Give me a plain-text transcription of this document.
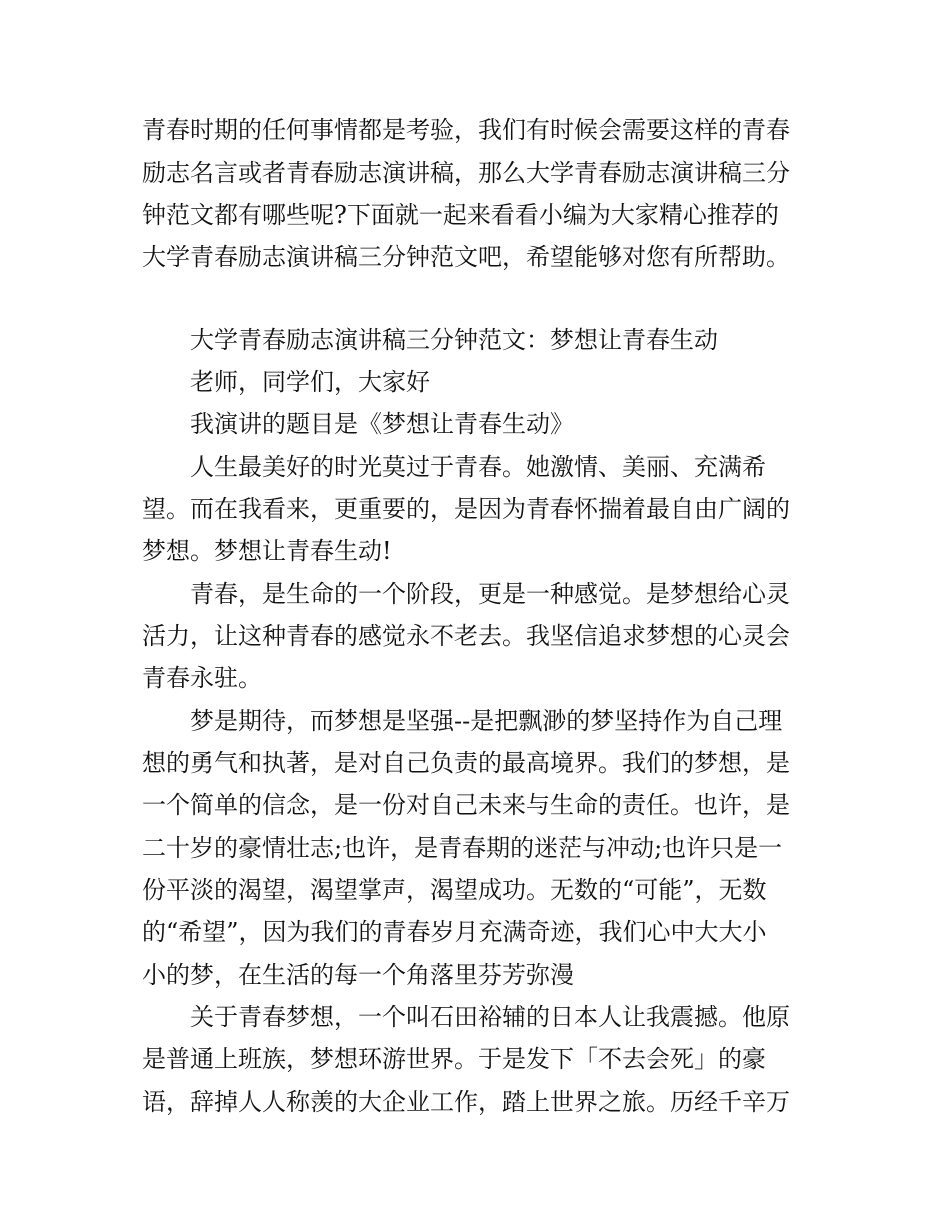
青春时期的任何事情都是考验，我们有时候会需要这样的青春
励志名言或者青春励志演讲稿，那么大学青春励志演讲稿三分
钟范文都有哪些呢?下面就一起来看看小编为大家精心推荐的
大学青春励志演讲稿三分钟范文吧，希望能够对您有所帮助。
大学青春励志演讲稿三分钟范文：梦想让青春生动
老师，同学们，大家好
我演讲的题目是《梦想让青春生动》
人生最美好的时光莫过于青春。她激情、美丽、充满希
望。而在我看来，更重要的，是因为青春怀揣着最自由广阔的
梦想。梦想让青春生动!
青春，是生命的一个阶段，更是一种感觉。是梦想给心灵
活力，让这种青春的感觉永不老去。我坚信追求梦想的心灵会
青春永驻。
梦是期待，而梦想是坚强--是把飘渺的梦坚持作为自己理
想的勇气和执著，是对自己负责的最高境界。我们的梦想，是
一个简单的信念，是一份对自己未来与生命的责任。也许，是
二十岁的豪情壮志;也许，是青春期的迷茫与冲动;也许只是一
份平淡的渴望，渴望掌声，渴望成功。无数的“可能”，无数
的“希望”，因为我们的青春岁月充满奇迹，我们心中大大小
小的梦，在生活的每一个角落里芬芳弥漫
关于青春梦想，一个叫石田裕辅的日本人让我震撼。他原
是普通上班族，梦想环游世界。于是发下「不去会死」的豪
语，辞掉人人称羡的大企业工作，踏上世界之旅。历经千辛万
